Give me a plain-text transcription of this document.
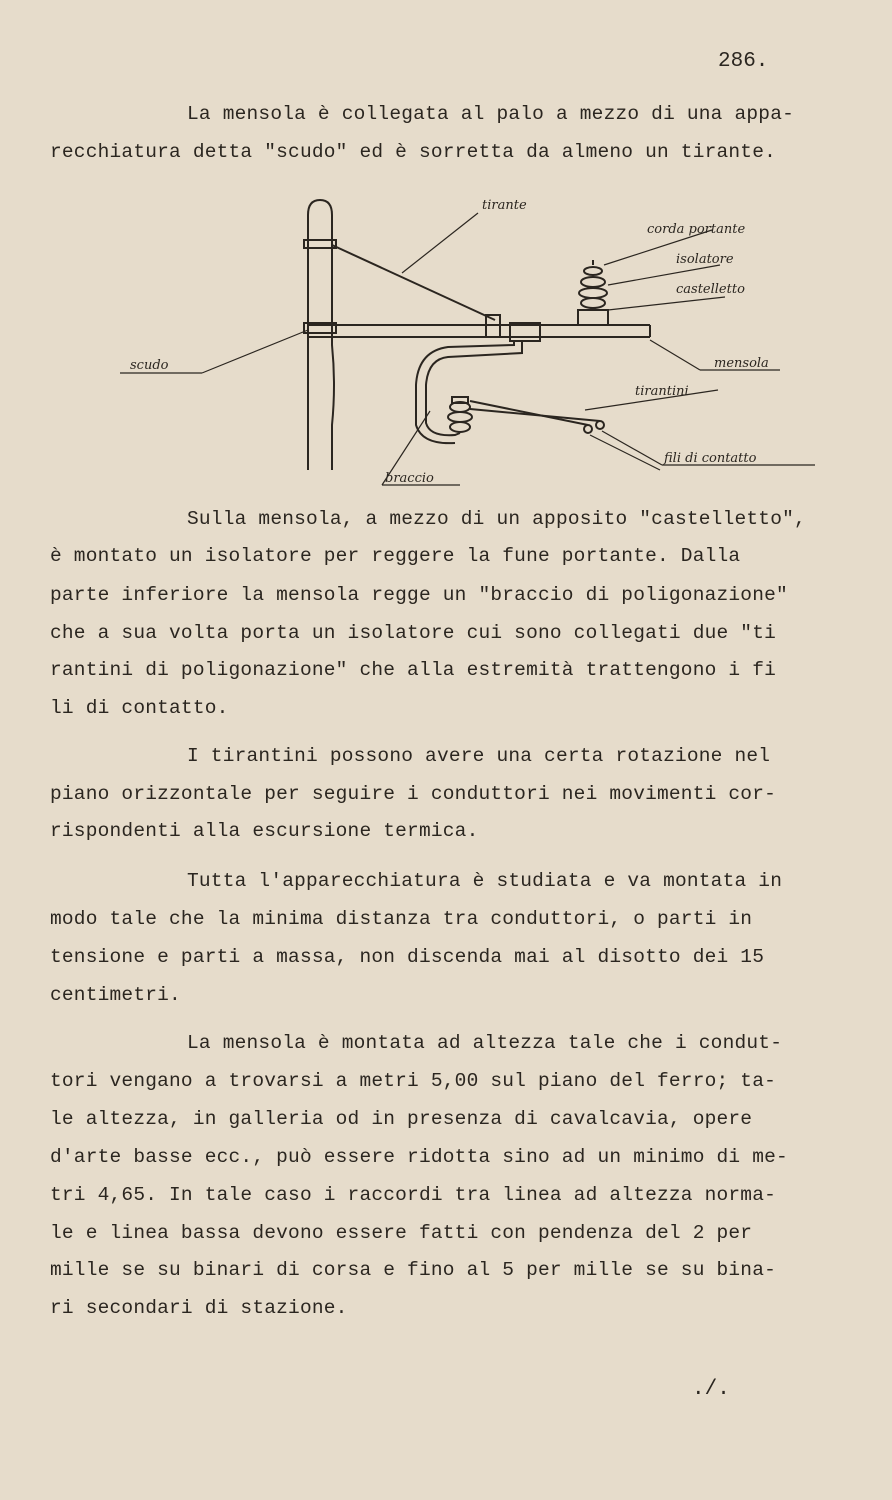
286.
La mensola è collegata al palo a mezzo di una appa-
recchiatura detta "scudo" ed è sorretta da almeno un tirante.
tirante
corda portante
isolatore
castelletto
scudo	mensola
tirantini
fili di contatto
braccio
Sulla mensola, a mezzo di un apposito "castelletto",
è montato un isolatore per reggere la fune portante. Dalla
parte inferiore la mensola regge un "braccio di poligonazione"
che a sua volta porta un isolatore cui sono collegati due "ti
rantini di poligonazione" che alla estremità trattengono i fi
li di contatto.
I tirantini possono avere una certa rotazione nel
piano orizzontale per seguire i conduttori nei movimenti cor-
rispondenti alla escursione termica.
Tutta l'apparecchiatura è studiata e va montata in
modo tale che la minima distanza tra conduttori, o parti in
tensione e parti a massa, non discenda mai al disotto dei 15
centimetri.
La mensola è montata ad altezza tale che i condut-
tori vengano a trovarsi a metri 5,00 sul piano del ferro; ta-
le altezza, in galleria od in presenza di cavalcavia, opere
d'arte basse ecc., può essere ridotta sino ad un minimo di me-
tri 4,65. In tale caso i raccordi tra linea ad altezza norma-
le e linea bassa devono essere fatti con pendenza del 2 per
mille se su binari di corsa e fino al 5 per mille se su bina-
ri secondari di stazione.
./.
